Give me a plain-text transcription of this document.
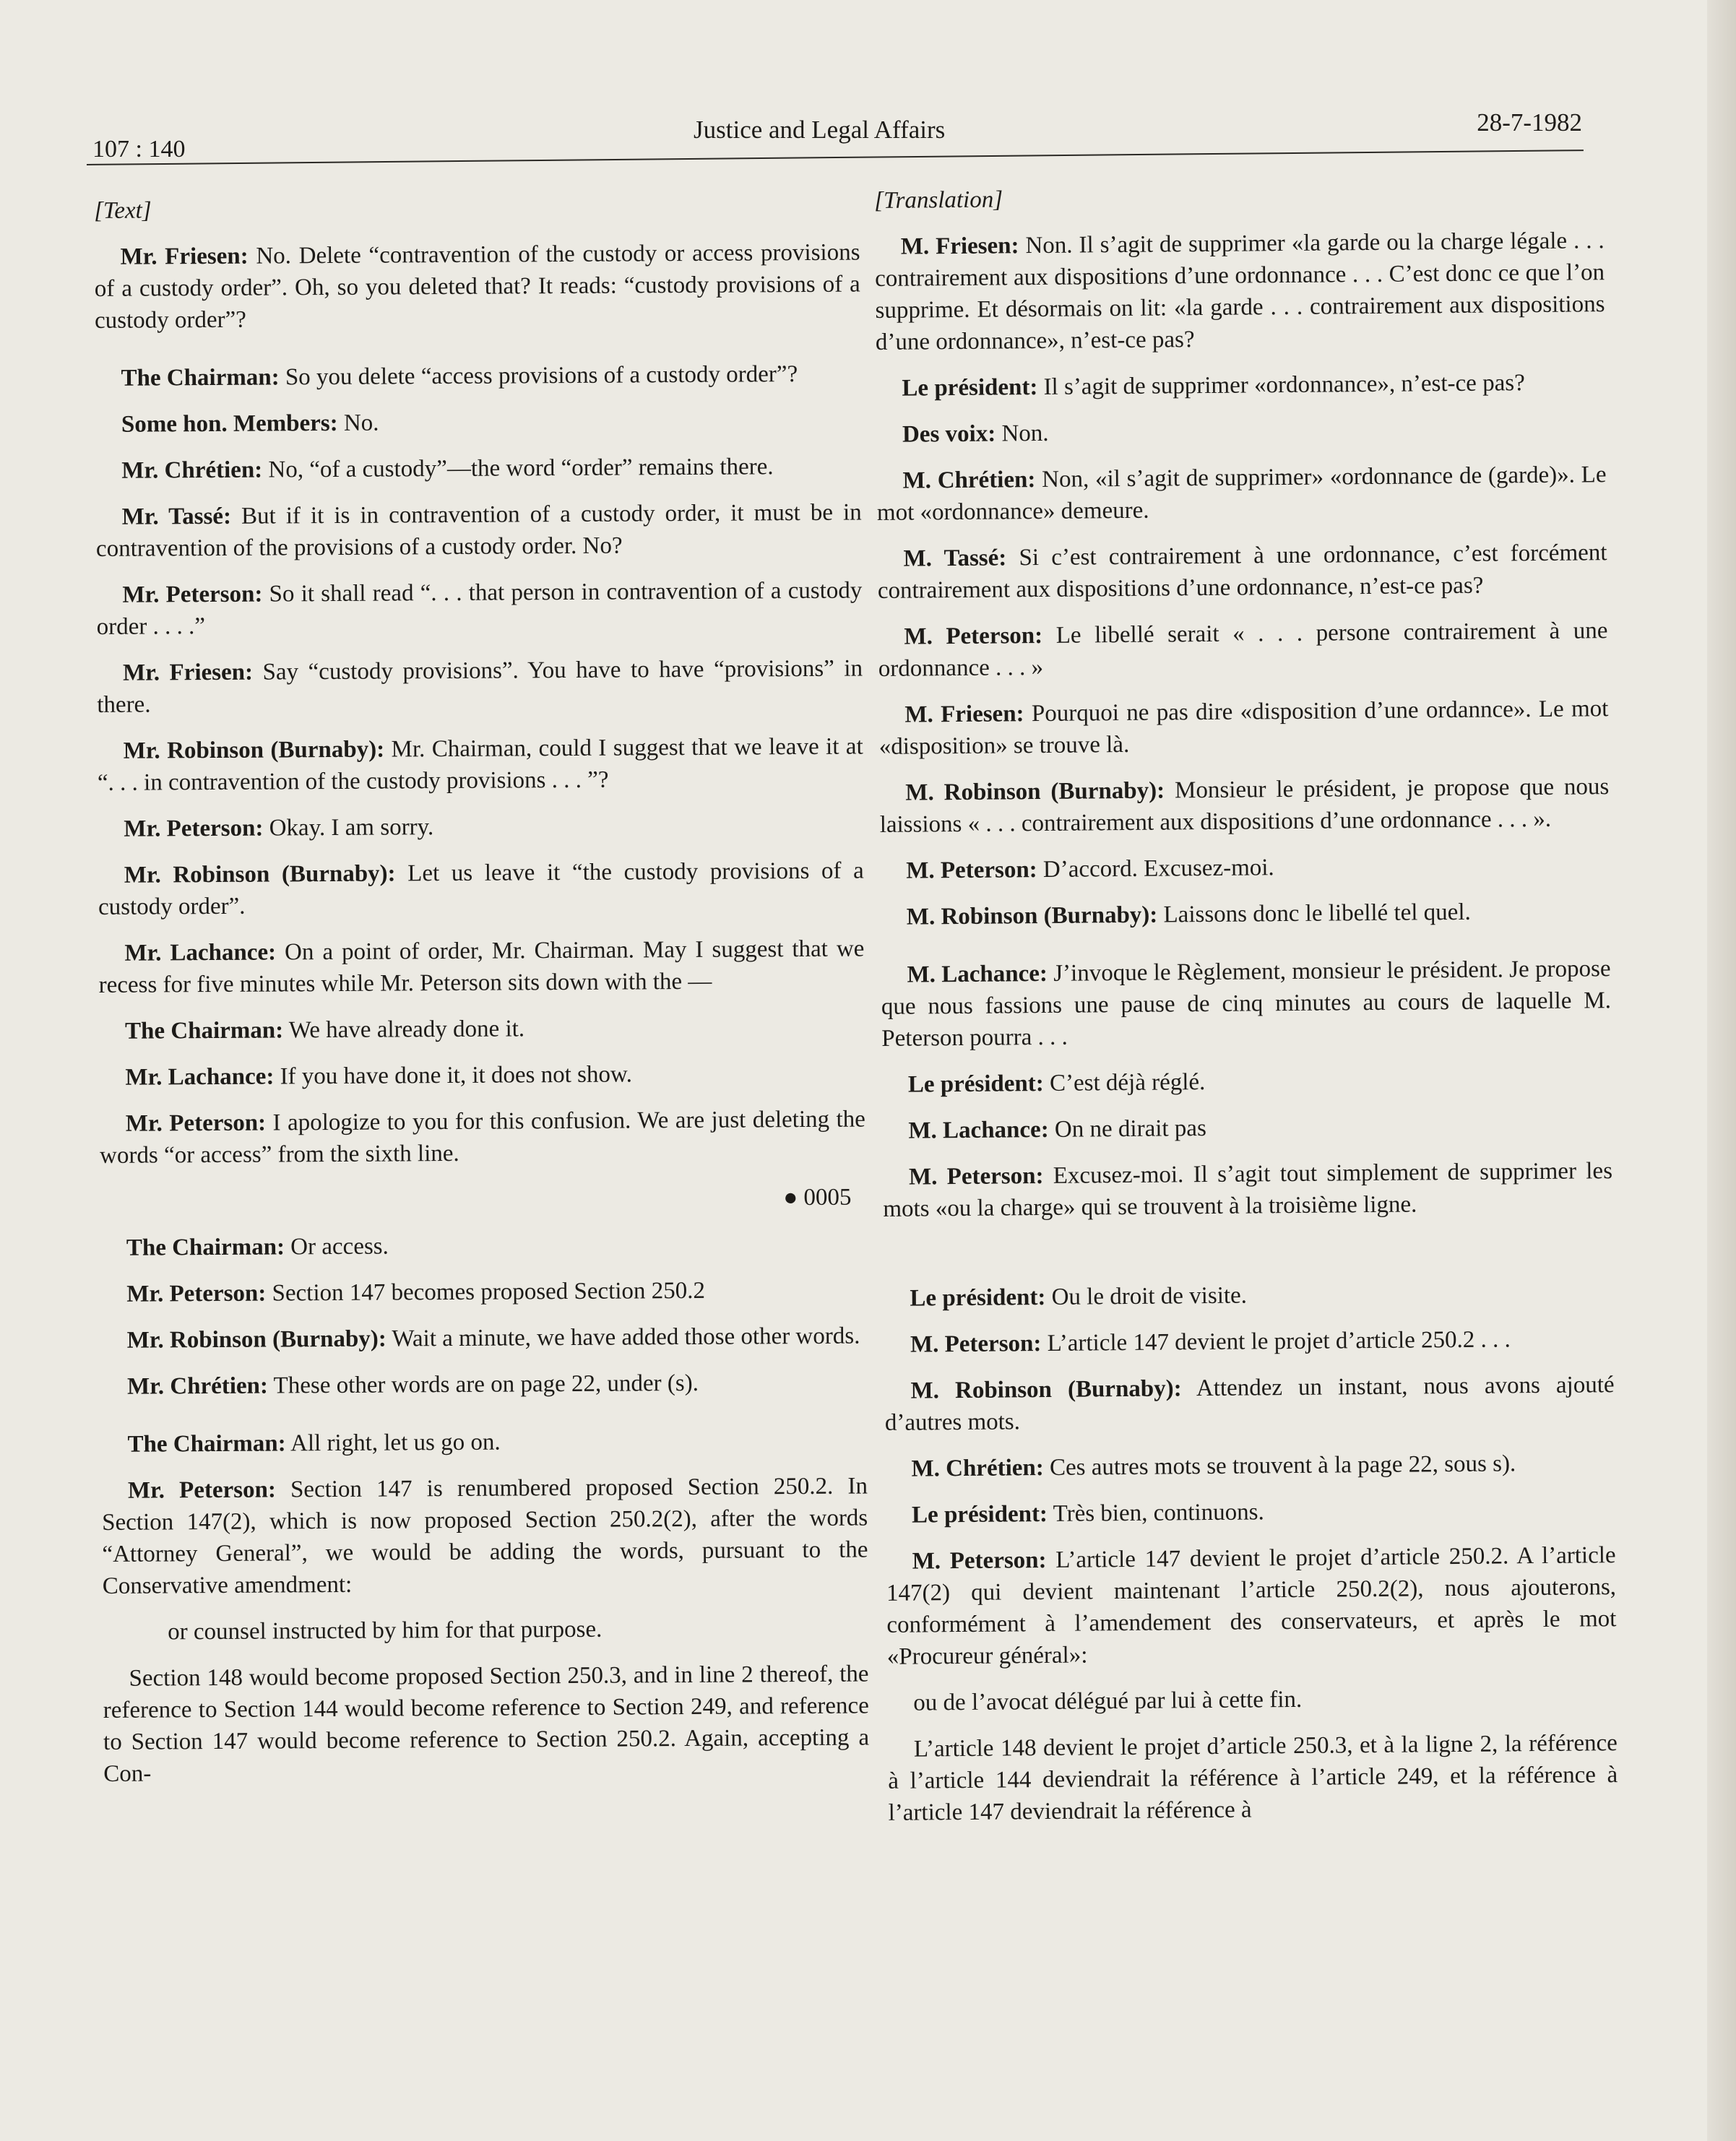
107 : 140
Justice and Legal Affairs	28-7-1982

[Text]

Mr. Friesen: No. Delete “contravention of the custody or access provisions of a custody order”. Oh, so you deleted that? It reads: “custody provisions of a custody order”?

The Chairman: So you delete “access provisions of a custody order”?

Some hon. Members: No.

Mr. Chrétien: No, “of a custody”—the word “order” remains there.

Mr. Tassé: But if it is in contravention of a custody order, it must be in contravention of the provisions of a custody order. No?

Mr. Peterson: So it shall read “. . . that person in contravention of a custody order . . . .”

Mr. Friesen: Say “custody provisions”. You have to have “provisions” in there.

Mr. Robinson (Burnaby): Mr. Chairman, could I suggest that we leave it at “. . . in contravention of the custody provisions . . . ”?

Mr. Peterson: Okay. I am sorry.

Mr. Robinson (Burnaby): Let us leave it “the custody provisions of a custody order”.

Mr. Lachance: On a point of order, Mr. Chairman. May I suggest that we recess for five minutes while Mr. Peterson sits down with the —

The Chairman: We have already done it.

Mr. Lachance: If you have done it, it does not show.

Mr. Peterson: I apologize to you for this confusion. We are just deleting the words “or access” from the sixth line.

● 0005

The Chairman: Or access.

Mr. Peterson: Section 147 becomes proposed Section 250.2

Mr. Robinson (Burnaby): Wait a minute, we have added those other words.

Mr. Chrétien: These other words are on page 22, under (s).

The Chairman: All right, let us go on.

Mr. Peterson: Section 147 is renumbered proposed Section 250.2. In Section 147(2), which is now proposed Section 250.2(2), after the words “Attorney General”, we would be adding the words, pursuant to the Conservative amendment:

or counsel instructed by him for that purpose.

Section 148 would become proposed Section 250.3, and in line 2 thereof, the reference to Section 144 would become reference to Section 249, and reference to Section 147 would become reference to Section 250.2. Again, accepting a Con-

[Translation]

M. Friesen: Non. Il s’agit de supprimer «la garde ou la charge légale . . . contrairement aux dispositions d’une ordonnance . . . C’est donc ce que l’on supprime. Et désormais on lit: «la garde . . . contrairement aux dispositions d’une ordonnance», n’est-ce pas?

Le président: Il s’agit de supprimer «ordonnance», n’est-ce pas?

Des voix: Non.

M. Chrétien: Non, «il s’agit de supprimer» «ordonnance de (garde)». Le mot «ordonnance» demeure.

M. Tassé: Si c’est contrairement à une ordonnance, c’est forcément contrairement aux dispositions d’une ordonnance, n’est-ce pas?

M. Peterson: Le libellé serait « . . . persone contrairement à une ordonnance . . . »

M. Friesen: Pourquoi ne pas dire «disposition d’une ordannce». Le mot «disposition» se trouve là.

M. Robinson (Burnaby): Monsieur le président, je propose que nous laissions « . . . contrairement aux dispositions d’une ordonnance . . . ».

M. Peterson: D’accord. Excusez-moi.

M. Robinson (Burnaby): Laissons donc le libellé tel quel.

M. Lachance: J’invoque le Règlement, monsieur le président. Je propose que nous fassions une pause de cinq minutes au cours de laquelle M. Peterson pourra . . .

Le président: C’est déjà réglé.

M. Lachance: On ne dirait pas

M. Peterson: Excusez-moi. Il s’agit tout simplement de supprimer les mots «ou la charge» qui se trouvent à la troisième ligne.

Le président: Ou le droit de visite.

M. Peterson: L’article 147 devient le projet d’article 250.2 . . .

M. Robinson (Burnaby): Attendez un instant, nous avons ajouté d’autres mots.

M. Chrétien: Ces autres mots se trouvent à la page 22, sous s).

Le président: Très bien, continuons.

M. Peterson: L’article 147 devient le projet d’article 250.2. A l’article 147(2) qui devient maintenant l’article 250.2(2), nous ajouterons, conformément à l’amendement des conservateurs, et après le mot «Procureur général»:

ou de l’avocat délégué par lui à cette fin.

L’article 148 devient le projet d’article 250.3, et à la ligne 2, la référence à l’article 144 deviendrait la référence à l’article 249, et la référence à l’article 147 deviendrait la référence à
